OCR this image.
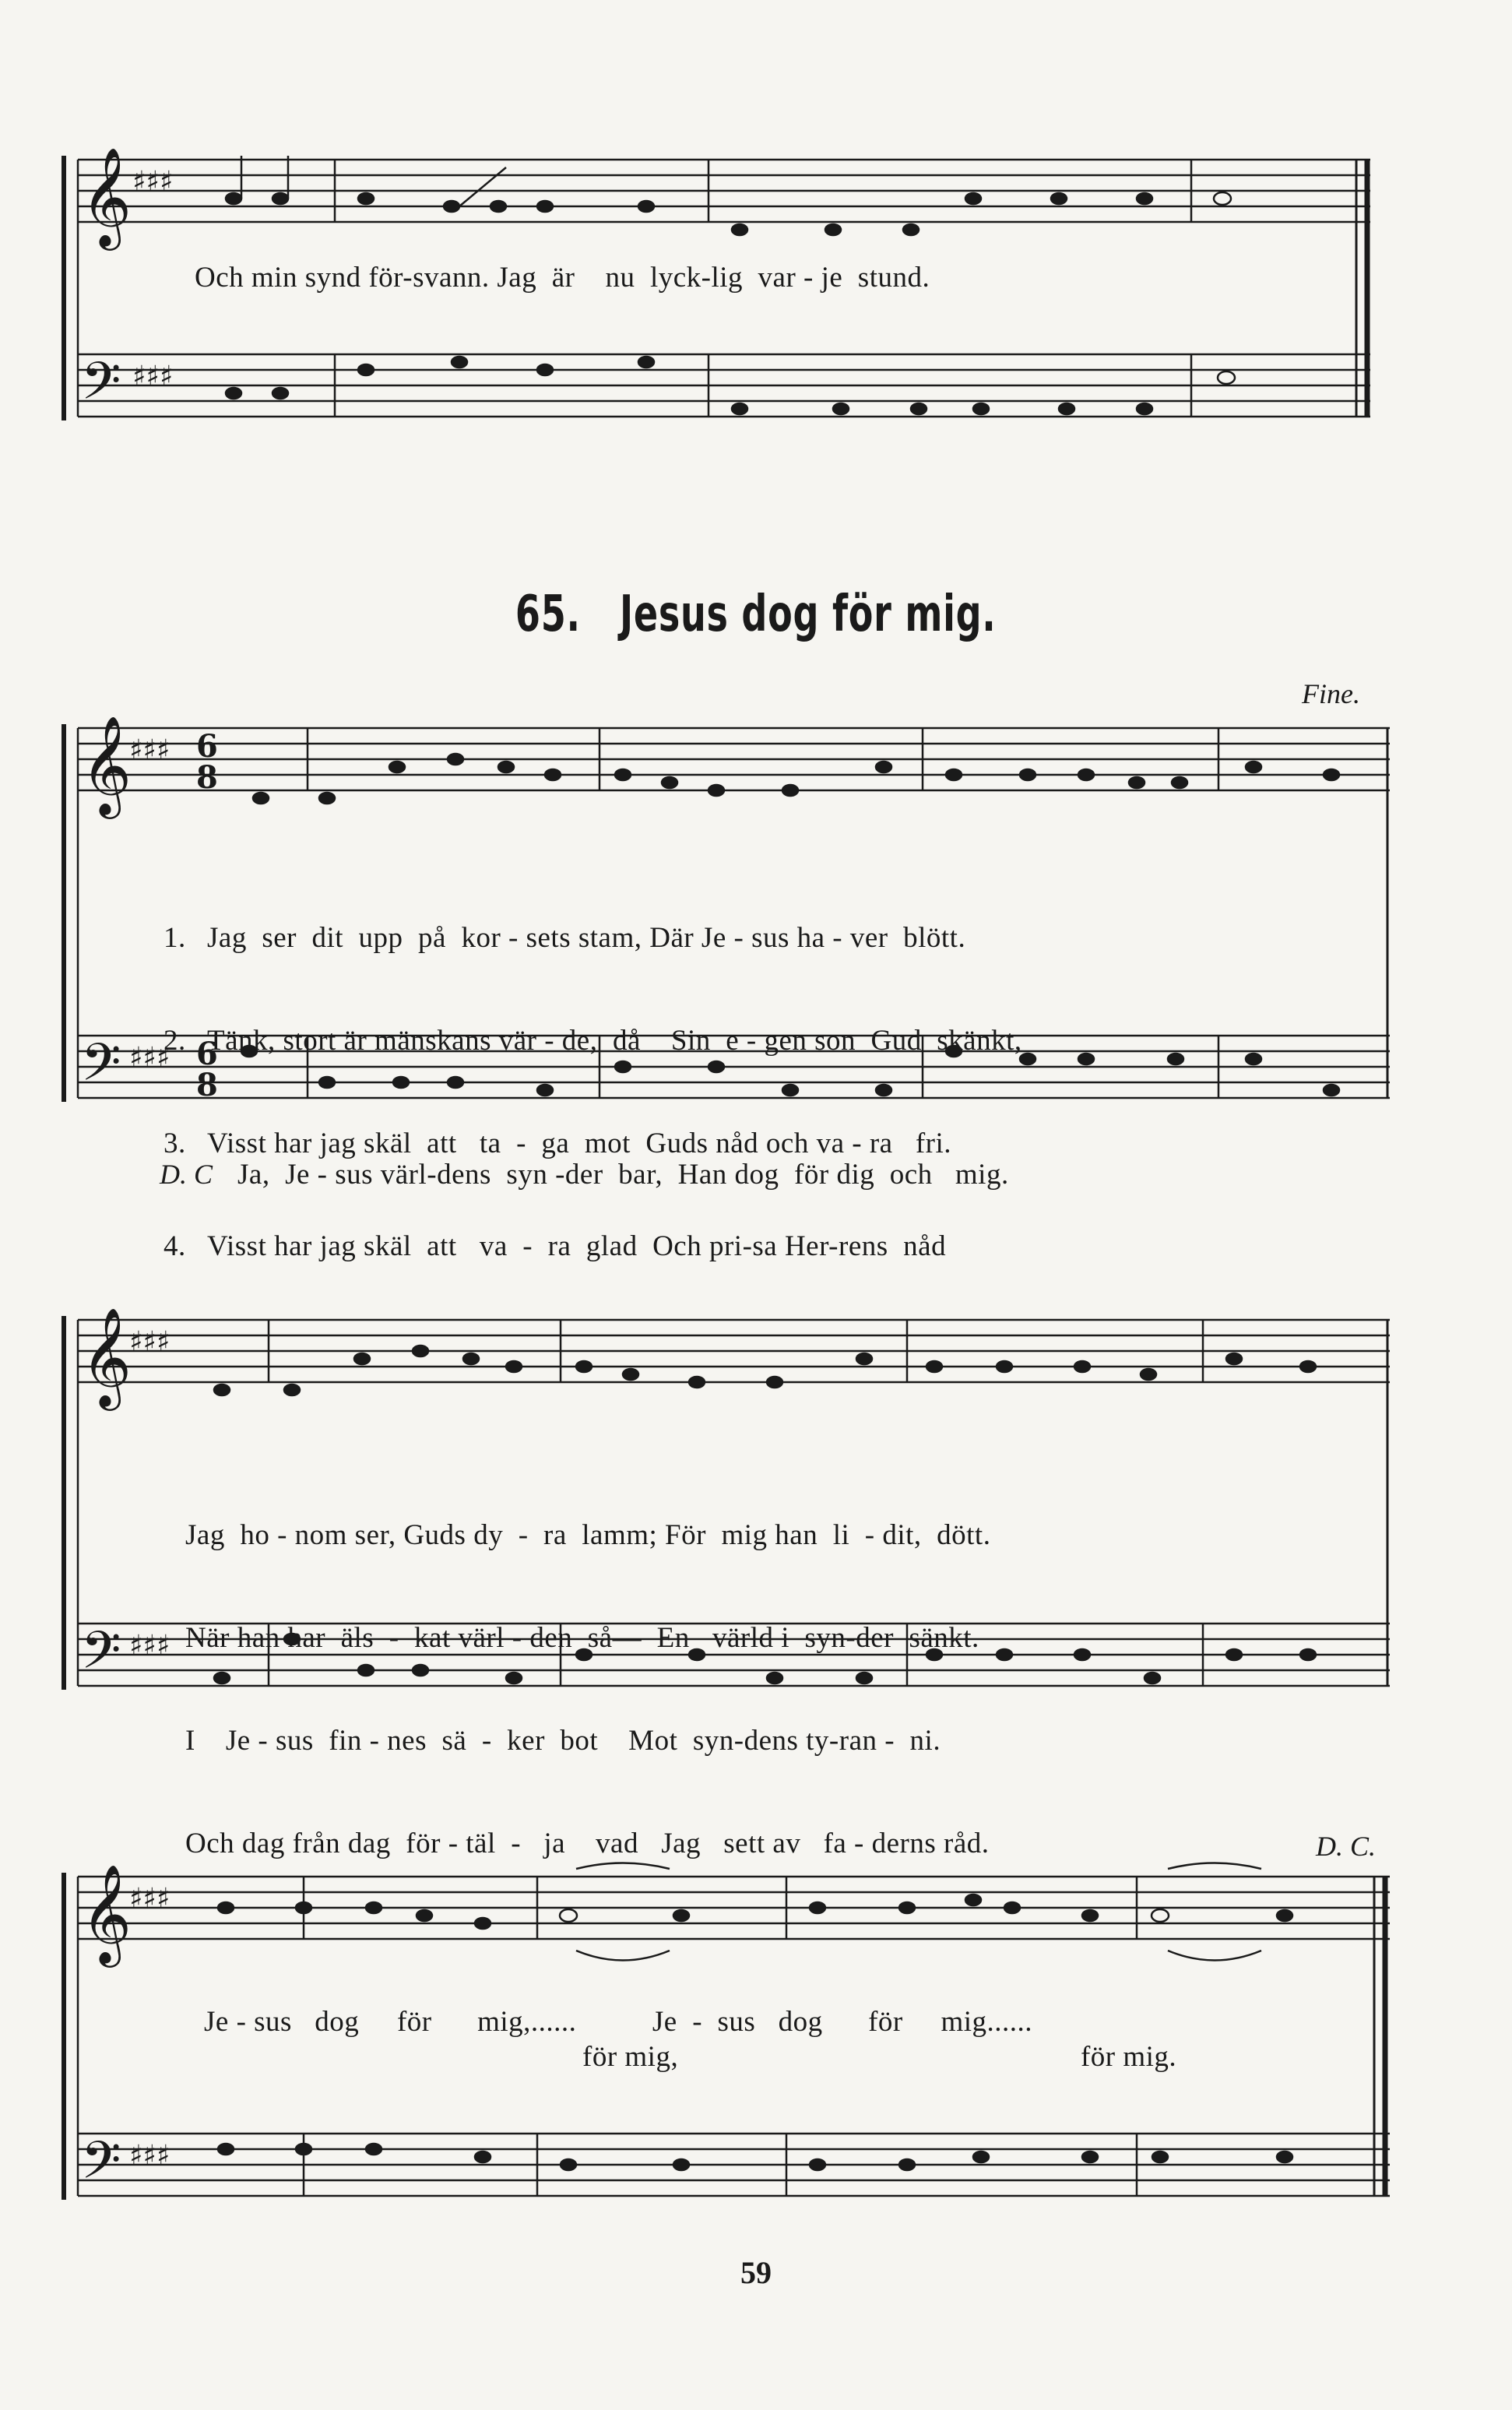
𝄞
𝄢
♯♯♯
♯♯♯
Och min synd för-svann. Jag  är    nu  lyck-lig  var - je  stund.
65. Jesus dog för mig.
Fine.
𝄞
𝄢
♯♯♯
♯♯♯
6
8
6
8

1. Jag  ser  dit  upp  på  kor - sets stam, Där Je - sus ha - ver  blött.

2. Tänk, stort är mänskans vär - de,  då    Sin  e - gen son  Gud  skänkt,

3. Visst har jag skäl  att   ta  -  ga  mot  Guds nåd och va - ra   fri.

4. Visst har jag skäl  att   va  -  ra  glad  Och pri-sa Her-rens  nåd

D. C Ja,  Je - sus värl-dens  syn -der  bar,  Han dog  för dig  och   mig.
𝄞
𝄢
♯♯♯
♯♯♯

Jag  ho - nom ser, Guds dy  -  ra  lamm; För  mig han  li  - dit,  dött.

När han har  äls  -  kat värl - den  så—  En   värld i  syn-der  sänkt.

I    Je - sus  fin - nes  sä  -  ker  bot    Mot  syn-dens ty-ran -  ni.

Och dag från dag  för - täl  -   ja    vad   Jag   sett av   fa - derns råd.	D. C.
𝄞
𝄢
♯♯♯
♯♯♯
Je - sus   dog     för      mig,......          Je  -  sus   dog      för     mig......
för mig,                                                     för mig.
59
